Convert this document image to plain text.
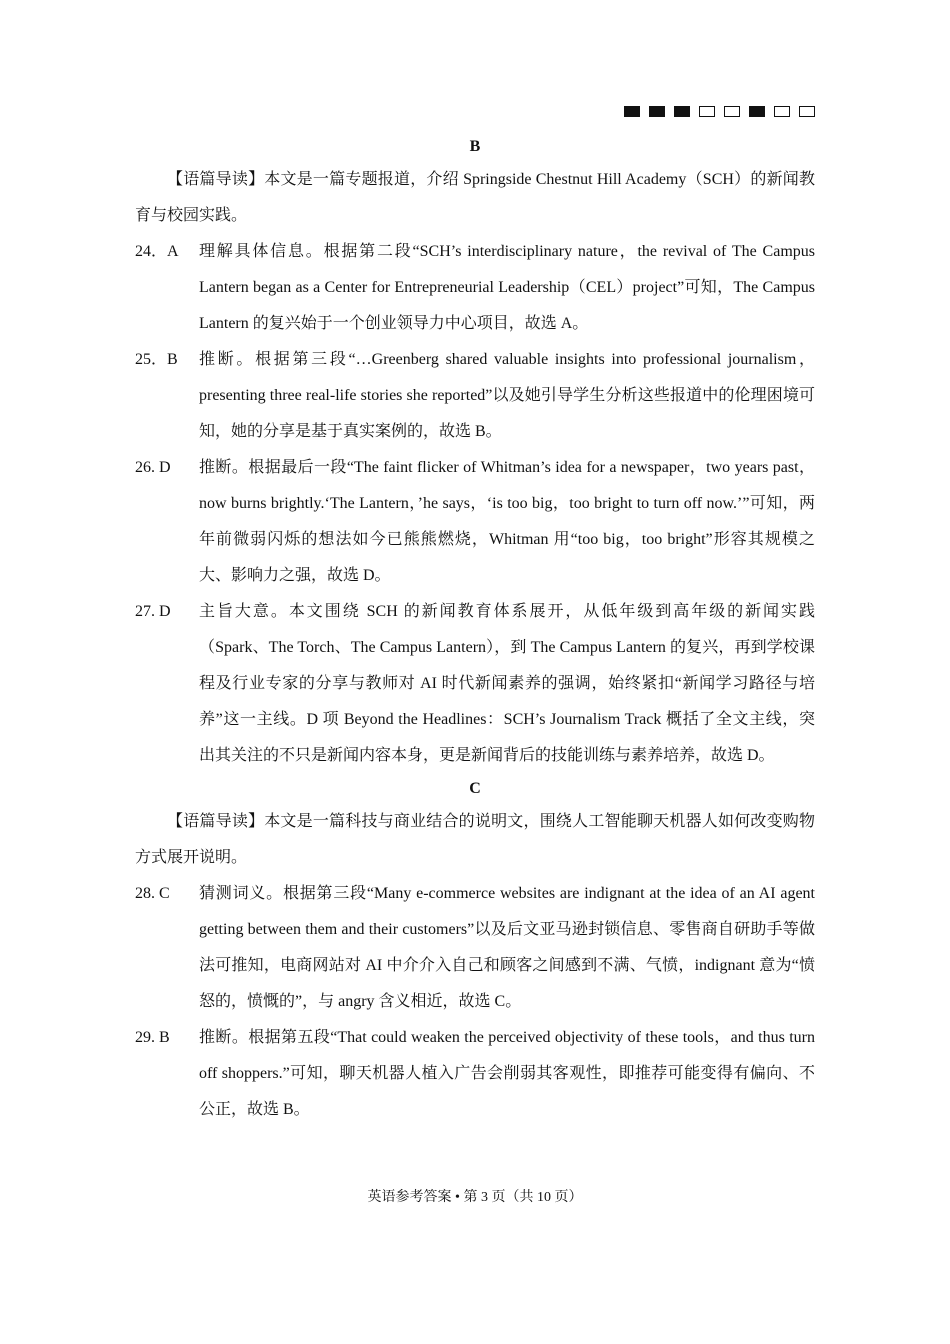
B

【语篇导读】本文是一篇专题报道，介绍 Springside Chestnut Hill Academy（SCH）的新闻教育与校园实践。

24．A 理解具体信息。根据第二段“SCH’s interdisciplinary nature，the revival of The Campus Lantern began as a Center for Entrepreneurial Leadership（CEL）project”可知，The Campus Lantern 的复兴始于一个创业领导力中心项目，故选 A。

25．B 推断。根据第三段“…Greenberg shared valuable insights into professional journalism，presenting three real-life stories she reported”以及她引导学生分析这些报道中的伦理困境可知，她的分享是基于真实案例的，故选 B。

26. D 推断。根据最后一段“The faint flicker of Whitman’s idea for a newspaper，two years past，now burns brightly.‘The Lantern，’he says，‘is too big，too bright to turn off now.’”可知，两年前微弱闪烁的想法如今已熊熊燃烧，Whitman 用“too big，too bright”形容其规模之大、影响力之强，故选 D。

27. D 主旨大意。本文围绕 SCH 的新闻教育体系展开，从低年级到高年级的新闻实践（Spark、The Torch、The Campus Lantern），到 The Campus Lantern 的复兴，再到学校课程及行业专家的分享与教师对 AI 时代新闻素养的强调，始终紧扣“新闻学习路径与培养”这一主线。D 项 Beyond the Headlines：SCH’s Journalism Track 概括了全文主线，突出其关注的不只是新闻内容本身，更是新闻背后的技能训练与素养培养，故选 D。

C

【语篇导读】本文是一篇科技与商业结合的说明文，围绕人工智能聊天机器人如何改变购物方式展开说明。

28. C 猜测词义。根据第三段“Many e-commerce websites are indignant at the idea of an AI agent getting between them and their customers”以及后文亚马逊封锁信息、零售商自研助手等做法可推知，电商网站对 AI 中介介入自己和顾客之间感到不满、气愤，indignant 意为“愤怒的，愤慨的”，与 angry 含义相近，故选 C。

29. B 推断。根据第五段“That could weaken the perceived objectivity of these tools，and thus turn off shoppers.”可知，聊天机器人植入广告会削弱其客观性，即推荐可能变得有偏向、不公正，故选 B。

英语参考答案 • 第 3 页（共 10 页）
